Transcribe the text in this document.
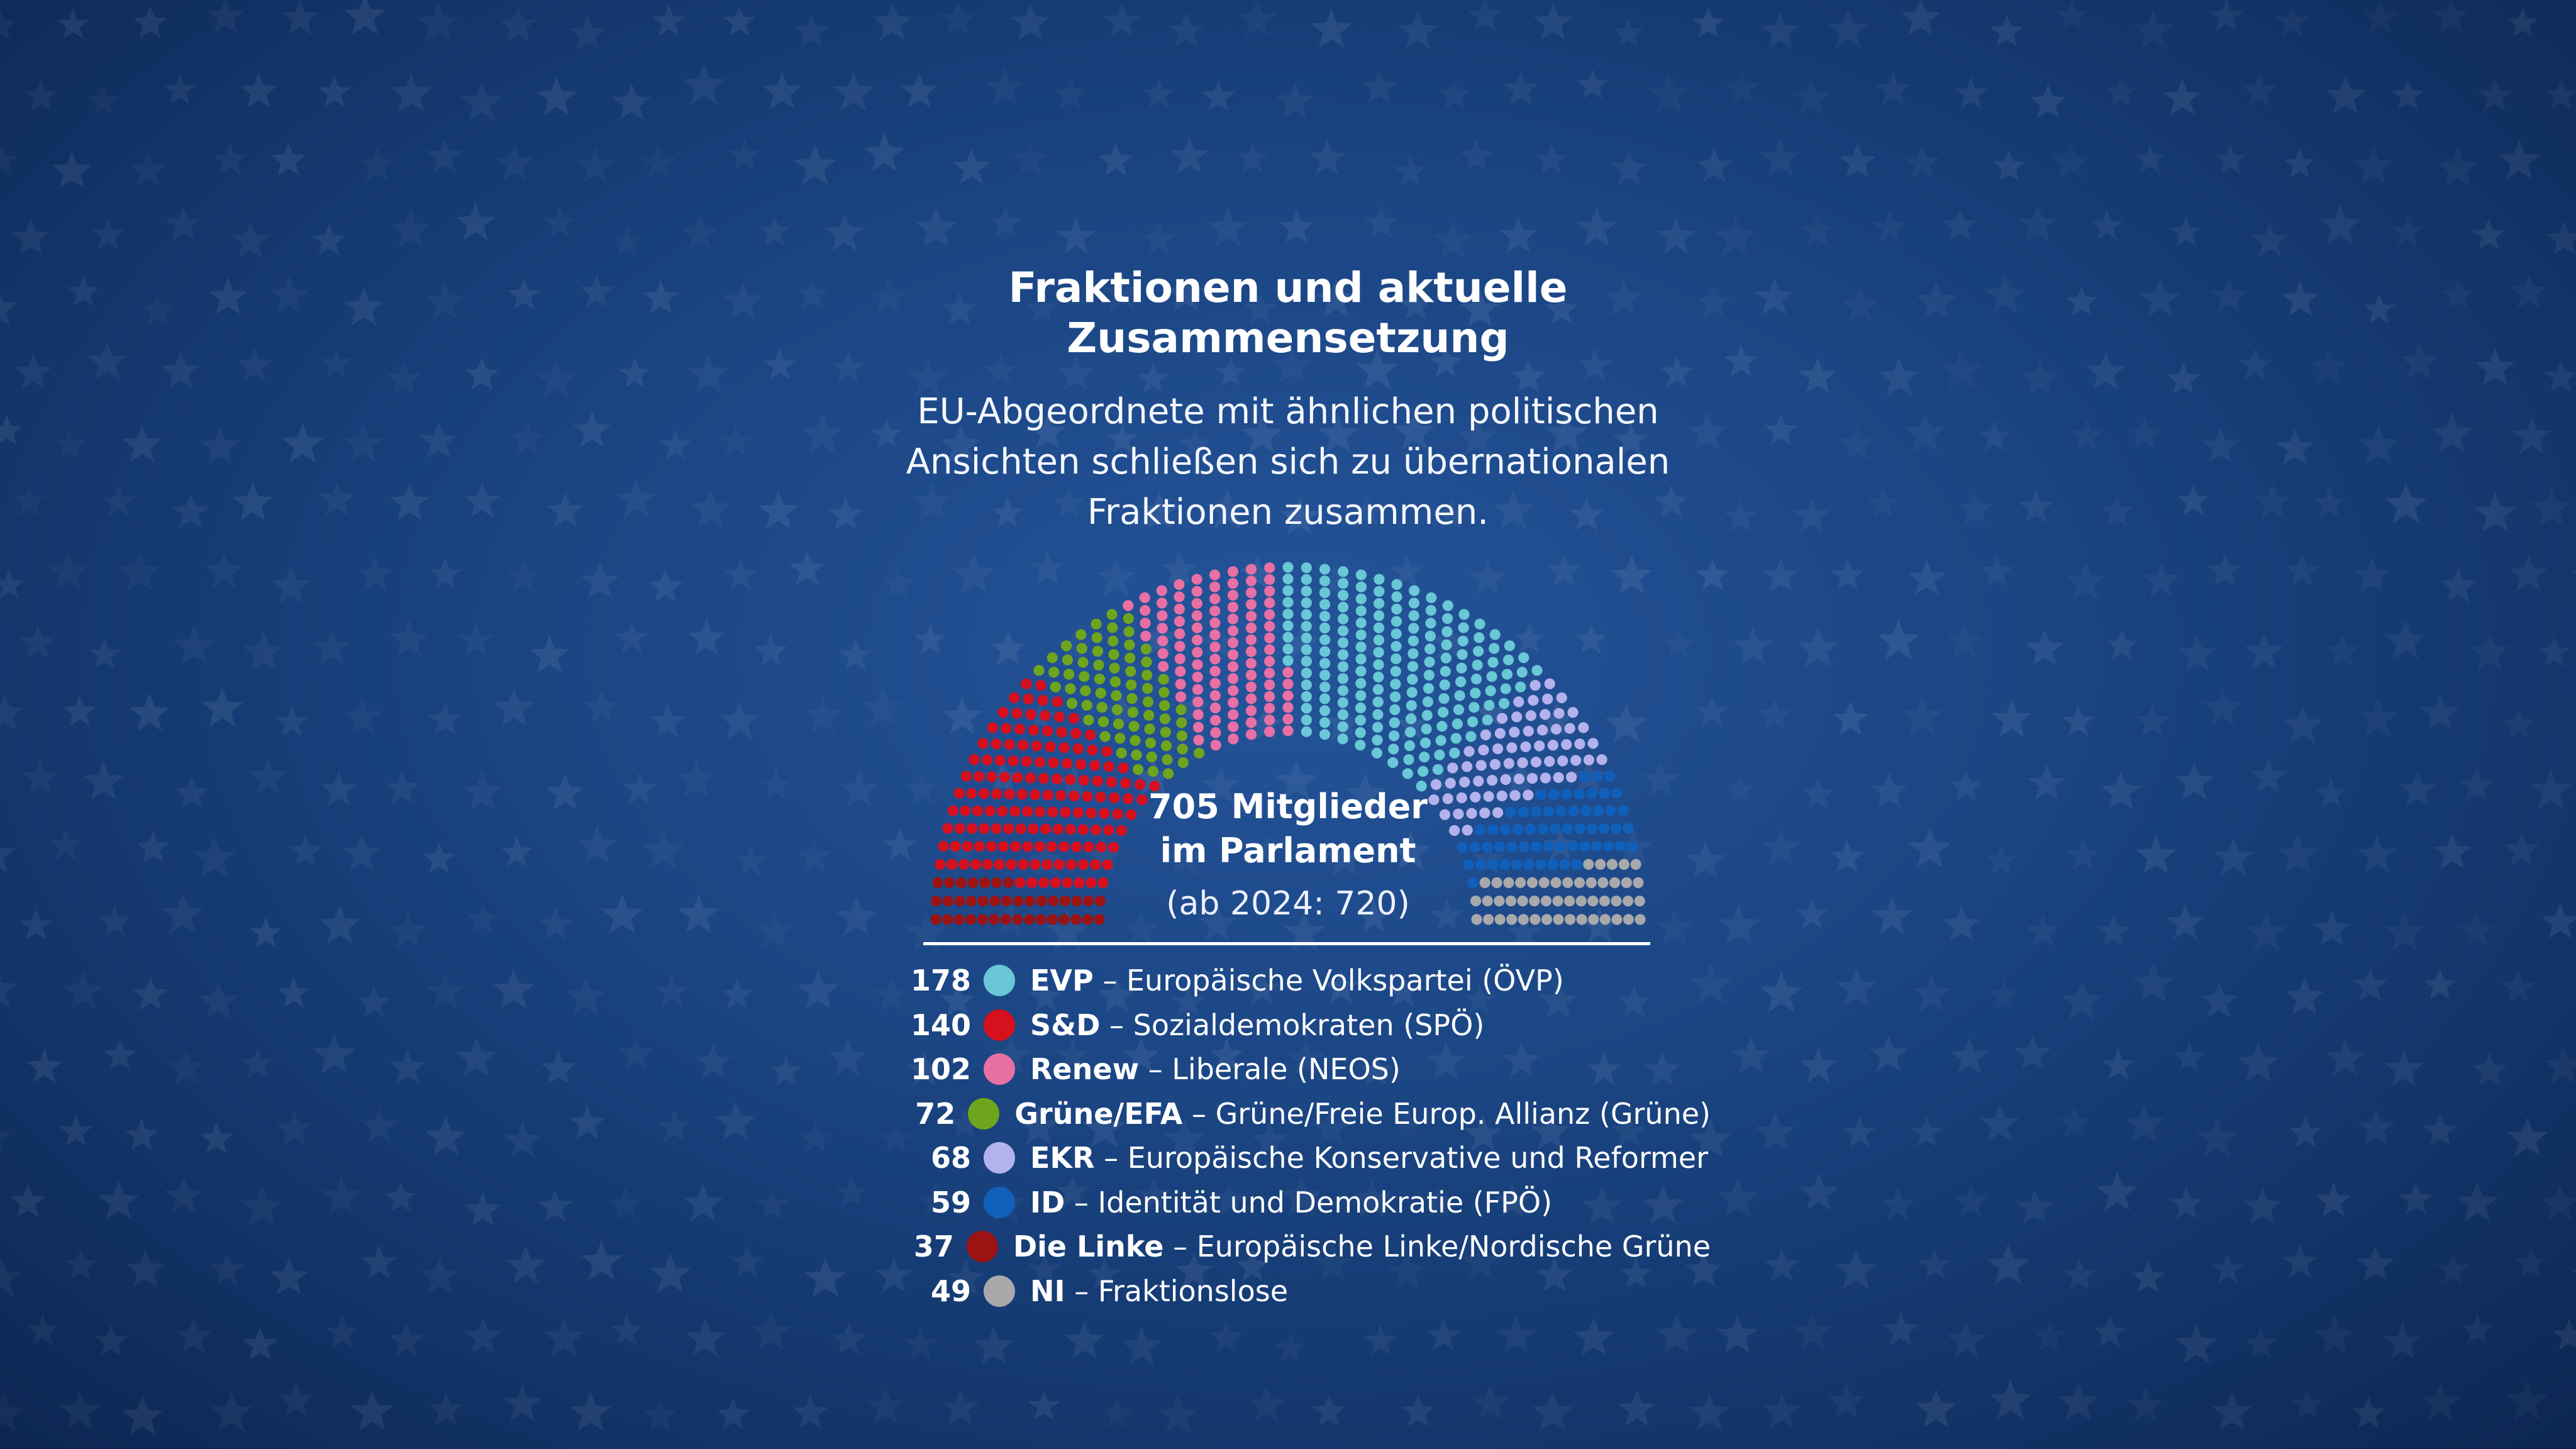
Fraktionen und aktuelle
Zusammensetzung
EU-Abgeordnete mit ähnlichen politischen
Ansichten schließen sich zu übernationalen
Fraktionen zusammen.
705 Mitglieder
im Parlament
(ab 2024: 720)
178 EVP – Europäische Volkspartei (ÖVP)
140 S&D – Sozialdemokraten (SPÖ)
102 Renew – Liberale (NEOS)
72 Grüne/EFA – Grüne/Freie Europ. Allianz (Grüne)
68 EKR – Europäische Konservative und Reformer
59 ID – Identität und Demokratie (FPÖ)
37 Die Linke – Europäische Linke/Nordische Grüne
49 NI – Fraktionslose
